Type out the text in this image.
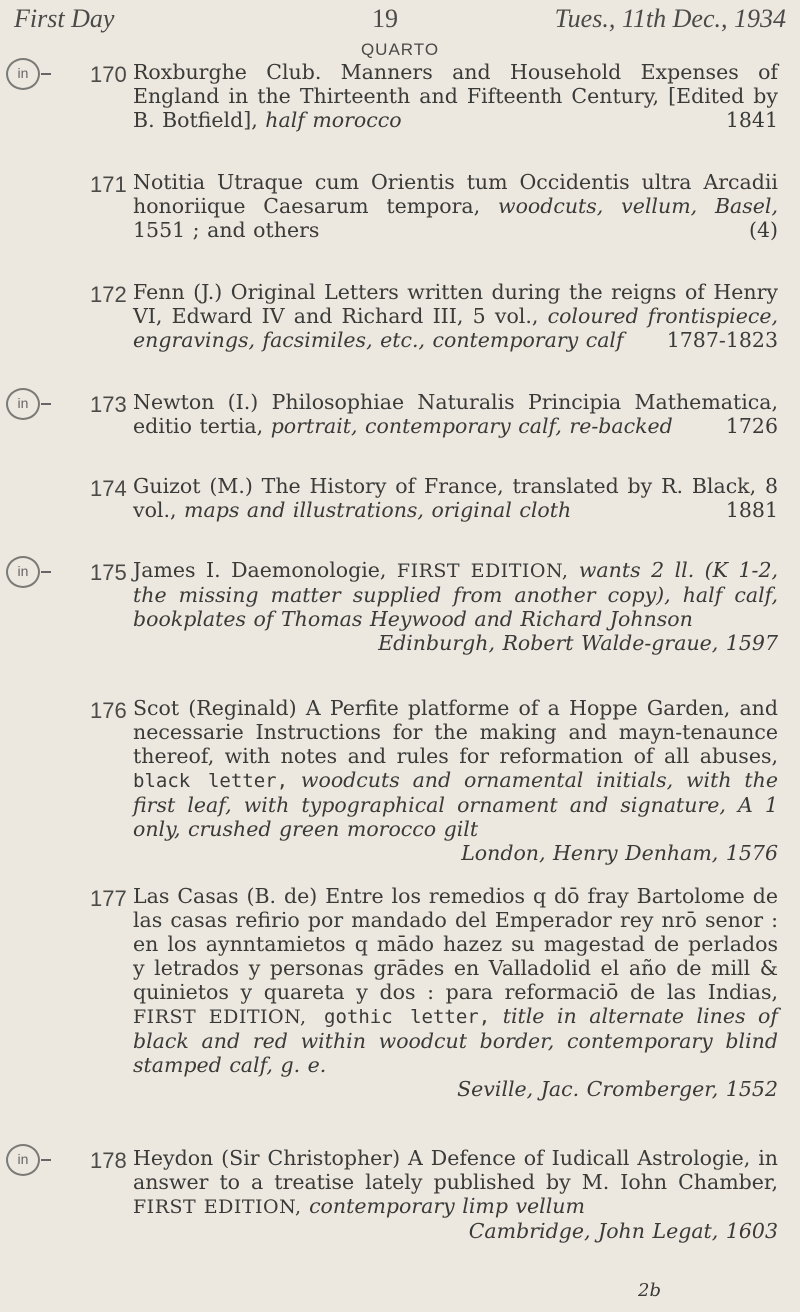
First Day	19	Tues., 11th Dec., 1934
QUARTO
in	170 Roxburghe Club. Manners and Household Expenses of England in the Thirteenth and Fifteenth Century, [Edited by B. Botfield], half morocco	1841
171 Notitia Utraque cum Orientis tum Occidentis ultra Arcadii honoriique Caesarum tempora, woodcuts, vellum, Basel, 1551 ; and others	(4)
172 Fenn (J.) Original Letters written during the reigns of Henry VI, Edward IV and Richard III, 5 vol., coloured frontispiece, engravings, facsimiles, etc., contemporary calf 1787-1823
in	173 Newton (I.) Philosophiae Naturalis Principia Mathematica, editio tertia, portrait, contemporary calf, re-backed	1726
174 Guizot (M.) The History of France, translated by R. Black, 8 vol., maps and illustrations, original cloth	1881
in	175 James I. Daemonologie, FIRST EDITION, wants 2 ll. (K 1-2, the missing matter supplied from another copy), half calf, bookplates of Thomas Heywood and Richard Johnson
Edinburgh, Robert Walde-graue, 1597
176 Scot (Reginald) A Perfite platforme of a Hoppe Garden, and necessarie Instructions for the making and mayn-tenaunce thereof, with notes and rules for reformation of all abuses, black letter, woodcuts and ornamental initials, with the first leaf, with typographical ornament and signature, A 1 only, crushed green morocco gilt
London, Henry Denham, 1576
177 Las Casas (B. de) Entre los remedios q dō fray Bartolome de las casas refirio por mandado del Emperador rey nrō senor : en los aynntamietos q mādo hazez su magestad de perlados y letrados y personas grādes en Valladolid el año de mill & quinietos y quareta y dos : para reformaciō de las Indias, FIRST EDITION, gothic letter, title in alternate lines of black and red within woodcut border, contemporary blind stamped calf, g. e.
Seville, Jac. Cromberger, 1552
in	178 Heydon (Sir Christopher) A Defence of Iudicall Astrologie, in answer to a treatise lately published by M. Iohn Chamber, FIRST EDITION, contemporary limp vellum
Cambridge, John Legat, 1603
2b
